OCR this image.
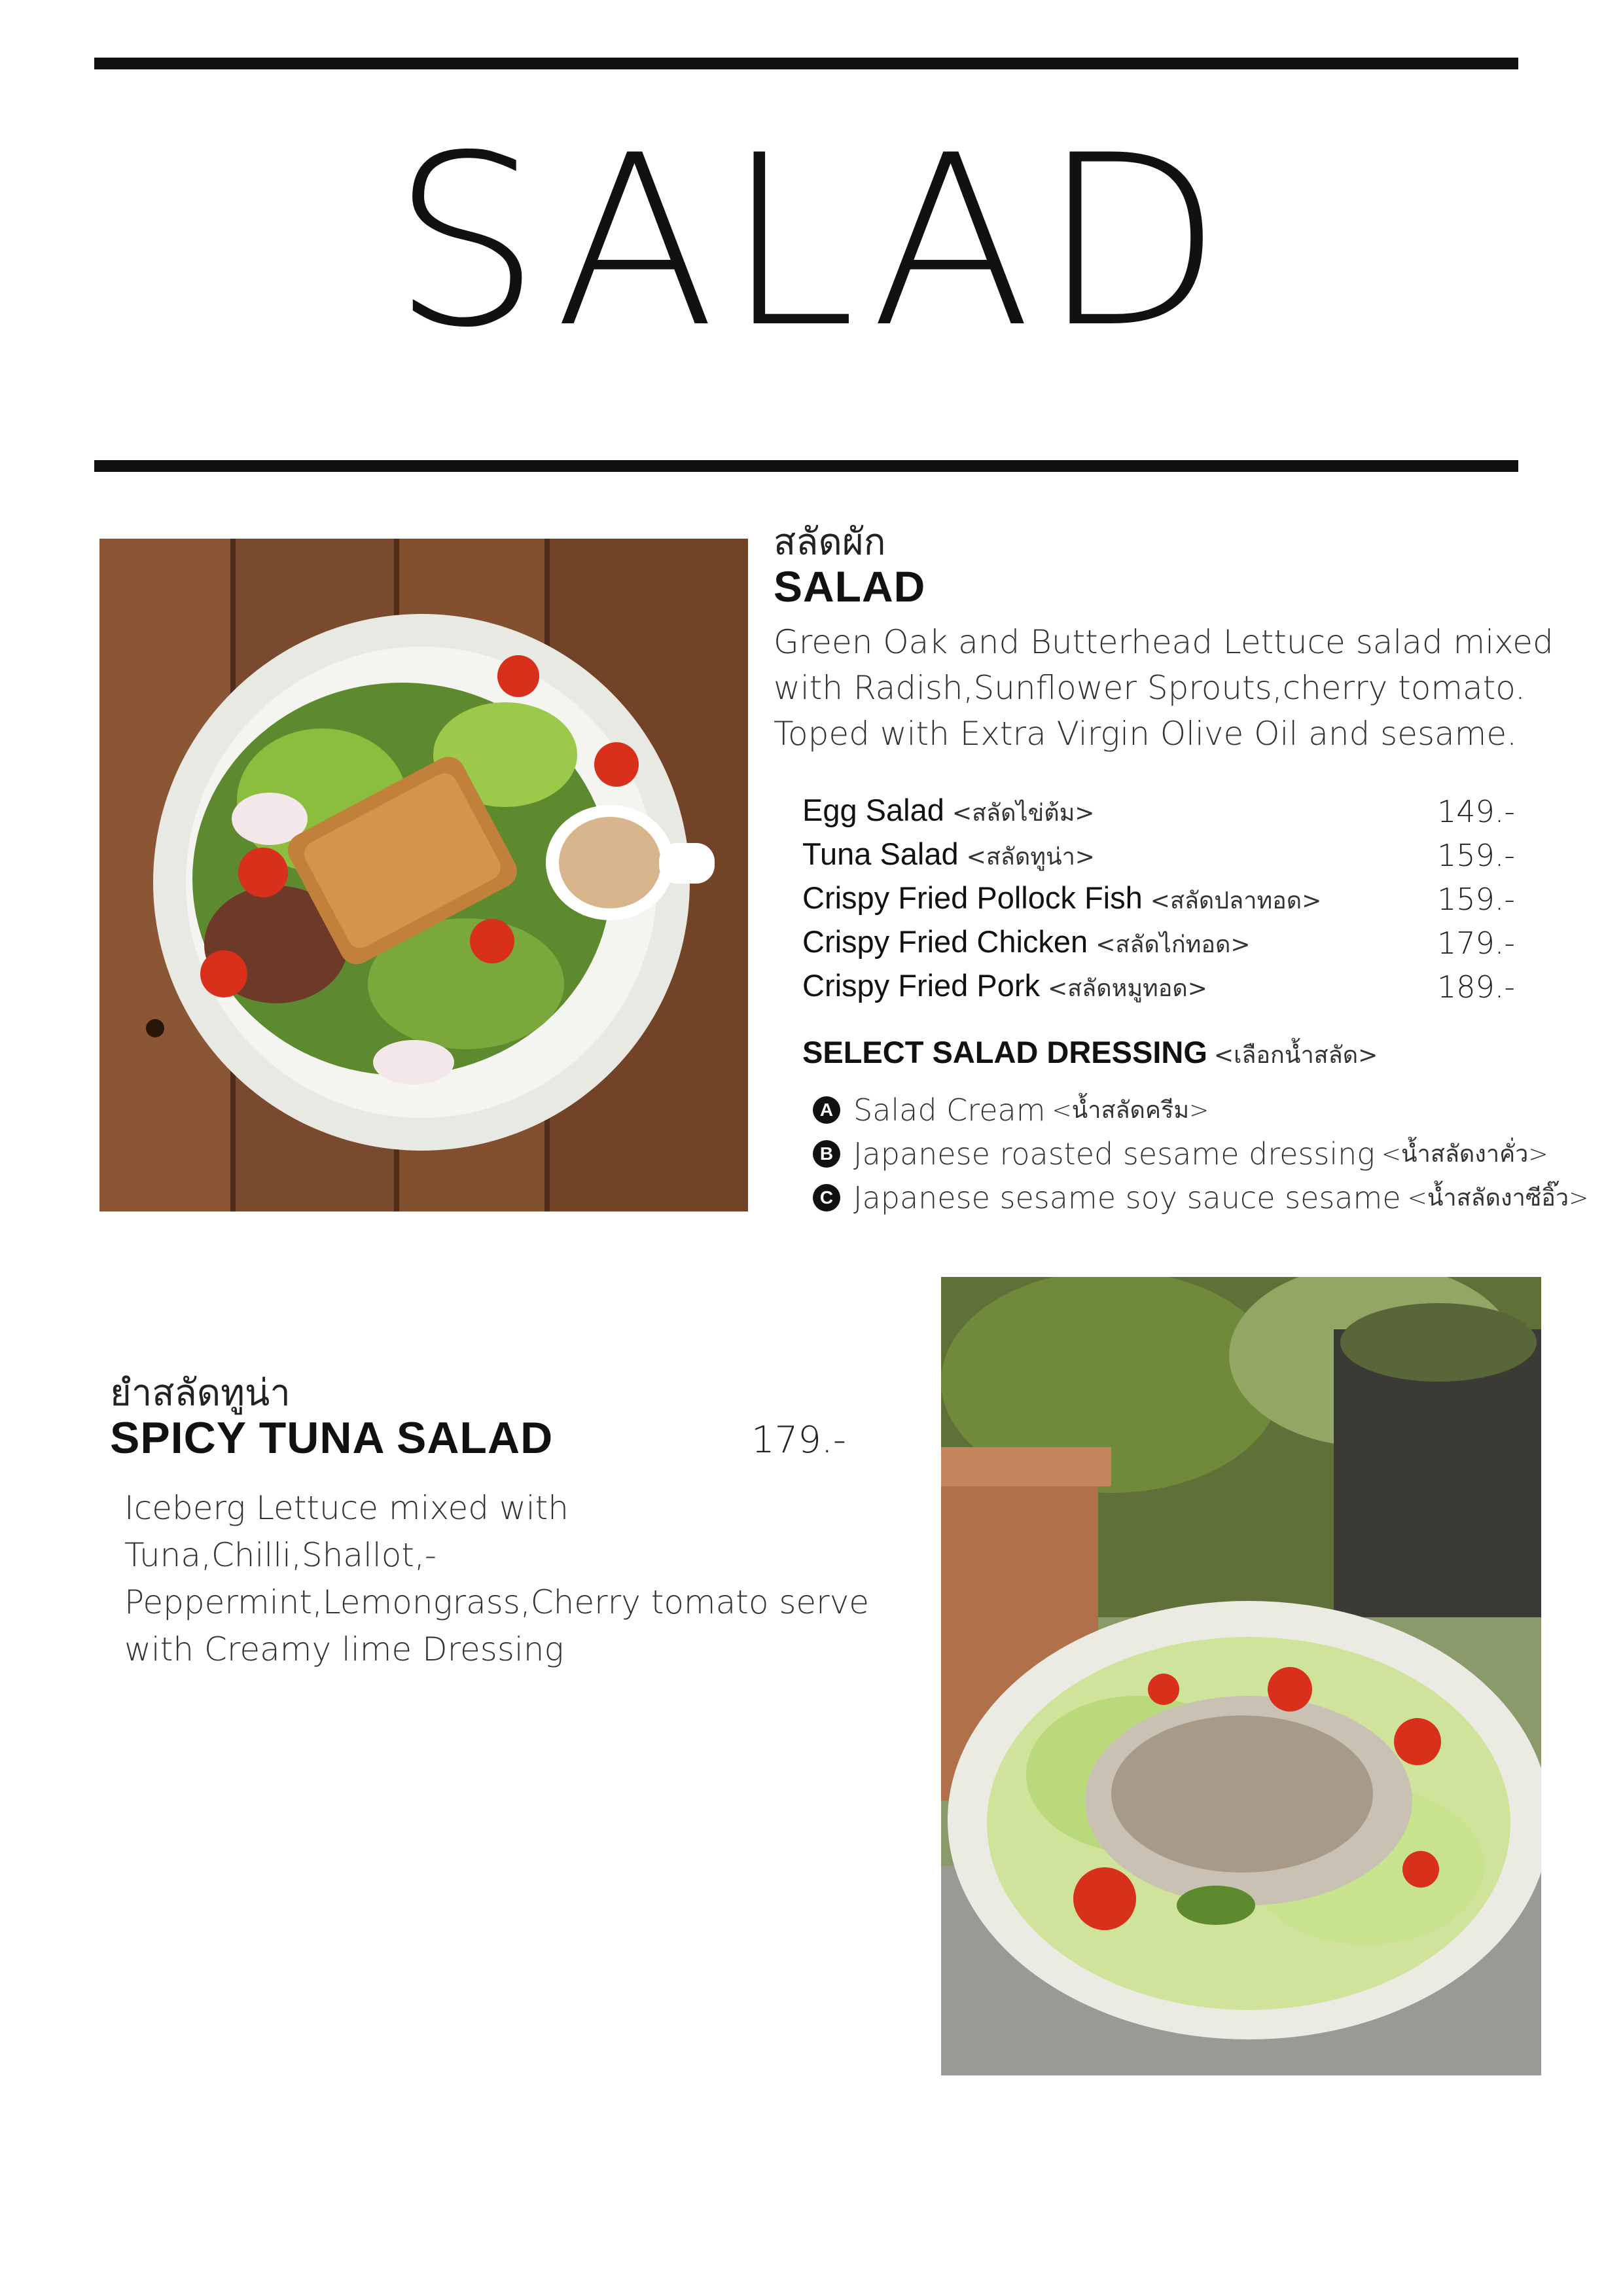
SALAD
สลัดผัก
SALAD
Green Oak and Butterhead Lettuce salad mixed
with Radish,Sunflower Sprouts,cherry tomato.
Toped with Extra Virgin Olive Oil and sesame.
Egg Salad <สลัดไข่ต้ม>	149.-
Tuna Salad <สลัดทูน่า>	159.-
Crispy Fried Pollock Fish <สลัดปลาทอด>	159.-
Crispy Fried Chicken <สลัดไก่ทอด>	179.-
Crispy Fried Pork <สลัดหมูทอด>	189.-
SELECT SALAD DRESSING <เลือกน้ำสลัด>
A Salad Cream <น้ำสลัดครีม>
B Japanese roasted sesame dressing <น้ำสลัดงาคั่ว>
C Japanese sesame soy sauce sesame <น้ำสลัดงาซีอิ๊ว>
ยำสลัดทูน่า
SPICY TUNA SALAD	179.-
Iceberg Lettuce mixed with Tuna,Chilli,Shallot,-
Peppermint,Lemongrass,Cherry tomato serve
with Creamy lime Dressing
